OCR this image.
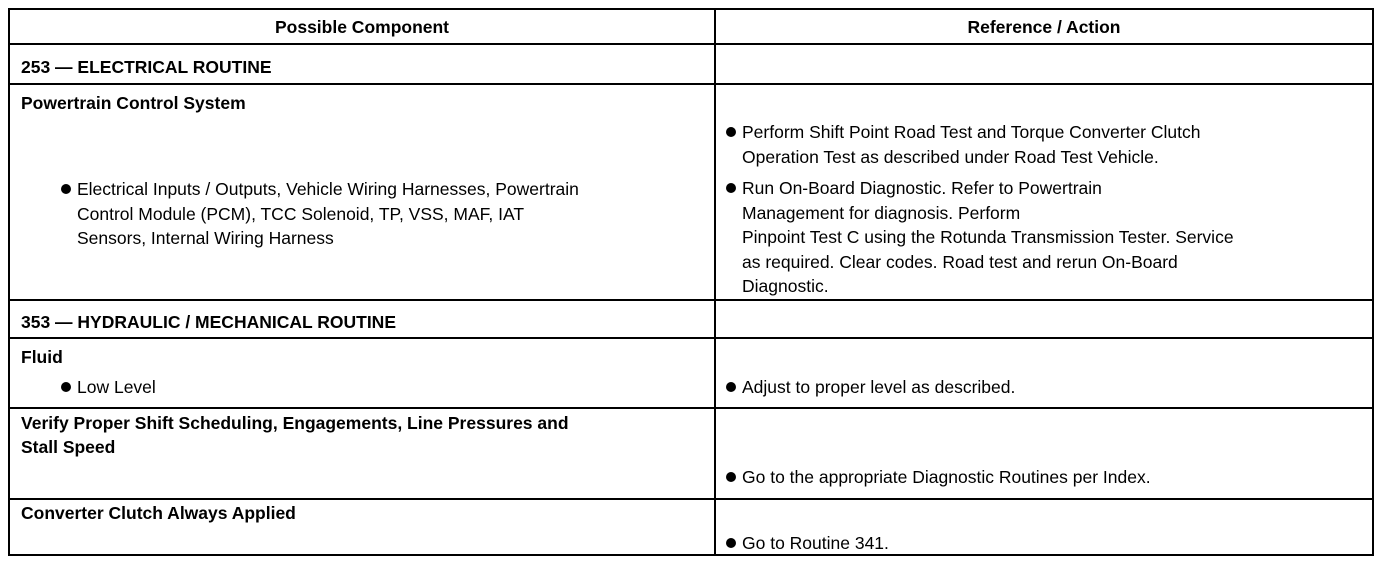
Possible Component	Reference / Action
253 — ELECTRICAL ROUTINE
Powertrain Control System
Electrical Inputs / Outputs, Vehicle Wiring Harnesses, Powertrain
Control Module (PCM), TCC Solenoid, TP, VSS, MAF, IAT
Sensors, Internal Wiring Harness
Perform Shift Point Road Test and Torque Converter Clutch
Operation Test as described under Road Test Vehicle.
Run On-Board Diagnostic. Refer to Powertrain
Management for diagnosis. Perform
Pinpoint Test C using the Rotunda Transmission Tester. Service
as required. Clear codes. Road test and rerun On-Board
Diagnostic.
353 — HYDRAULIC / MECHANICAL ROUTINE
Fluid
Low Level	Adjust to proper level as described.
Verify Proper Shift Scheduling, Engagements, Line Pressures and
Stall Speed
Go to the appropriate Diagnostic Routines per Index.
Converter Clutch Always Applied
Go to Routine 341.
